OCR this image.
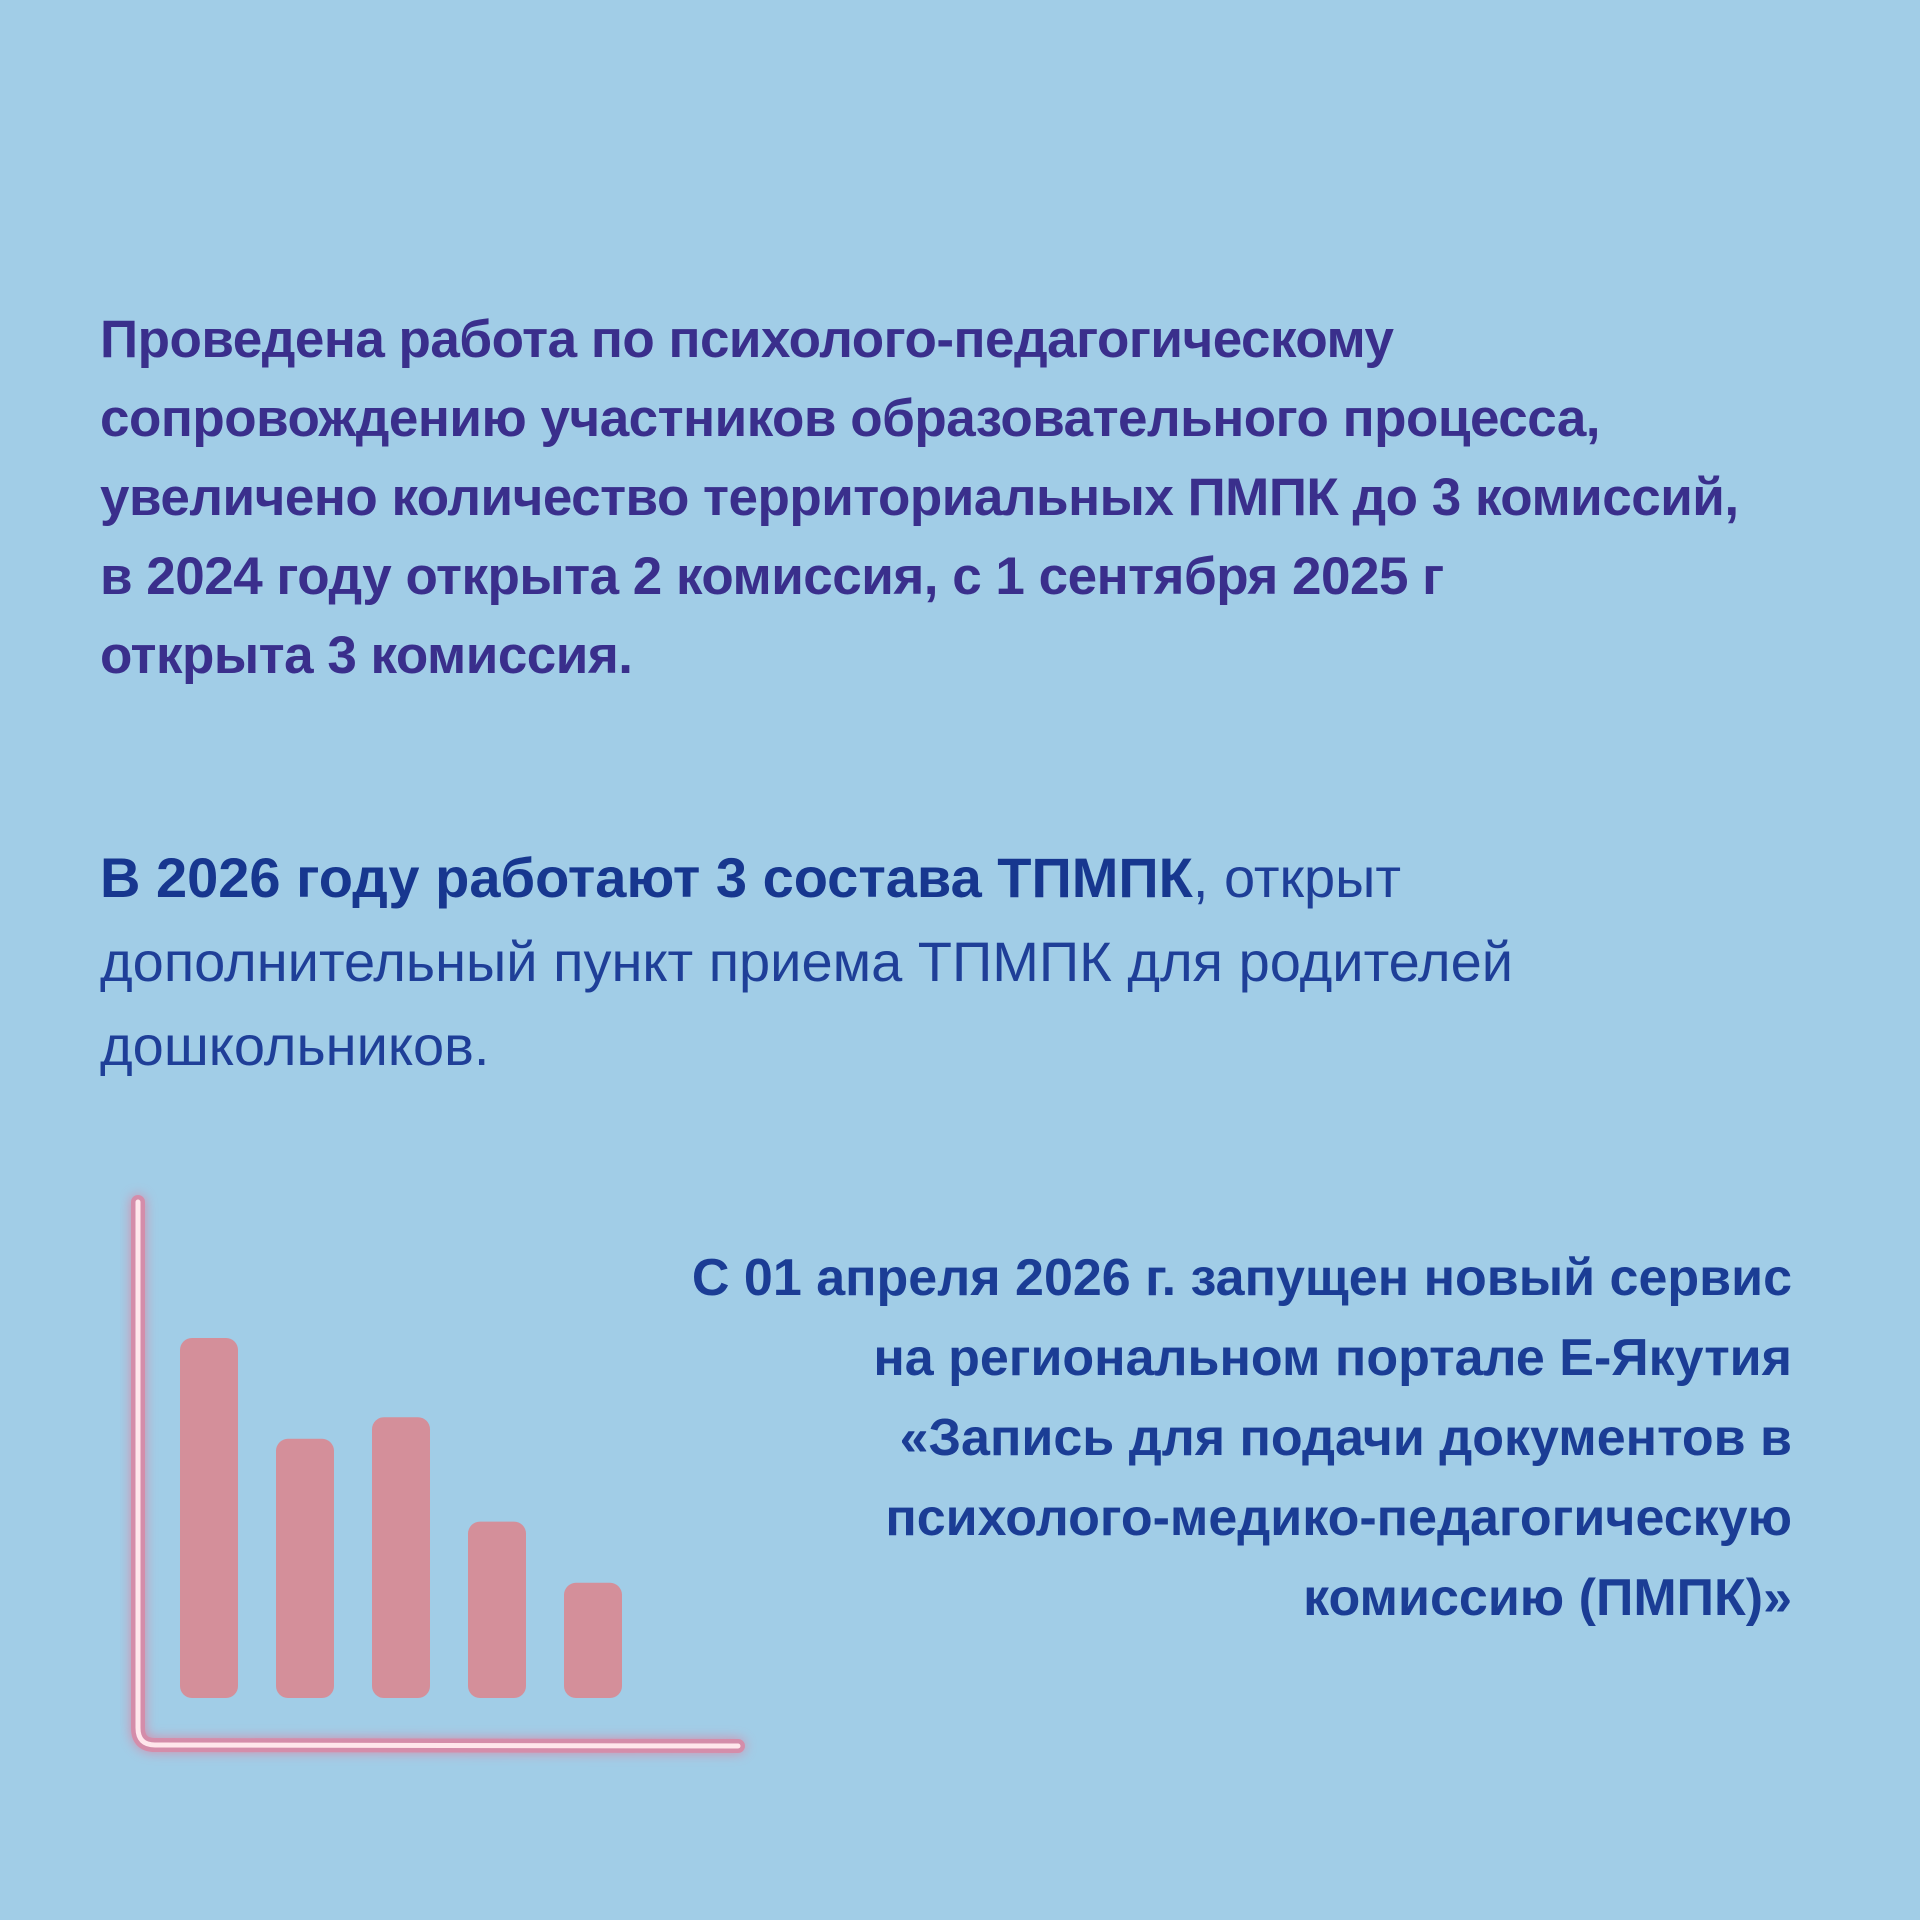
Проведена работа по психолого-педагогическому
сопровождению участников образовательного процесса,
увеличено количество территориальных ПМПК до 3 комиссий,
в 2024 году открыта 2 комиссия, с 1 сентября 2025 г
открыта 3 комиссия.
В 2026 году работают 3 состава ТПМПК, открыт
дополнительный пункт приема ТПМПК для родителей
дошкольников.
С 01 апреля 2026 г. запущен новый сервис
на региональном портале Е-Якутия
«Запись для подачи документов в
психолого-медико-педагогическую
комиссию (ПМПК)»
